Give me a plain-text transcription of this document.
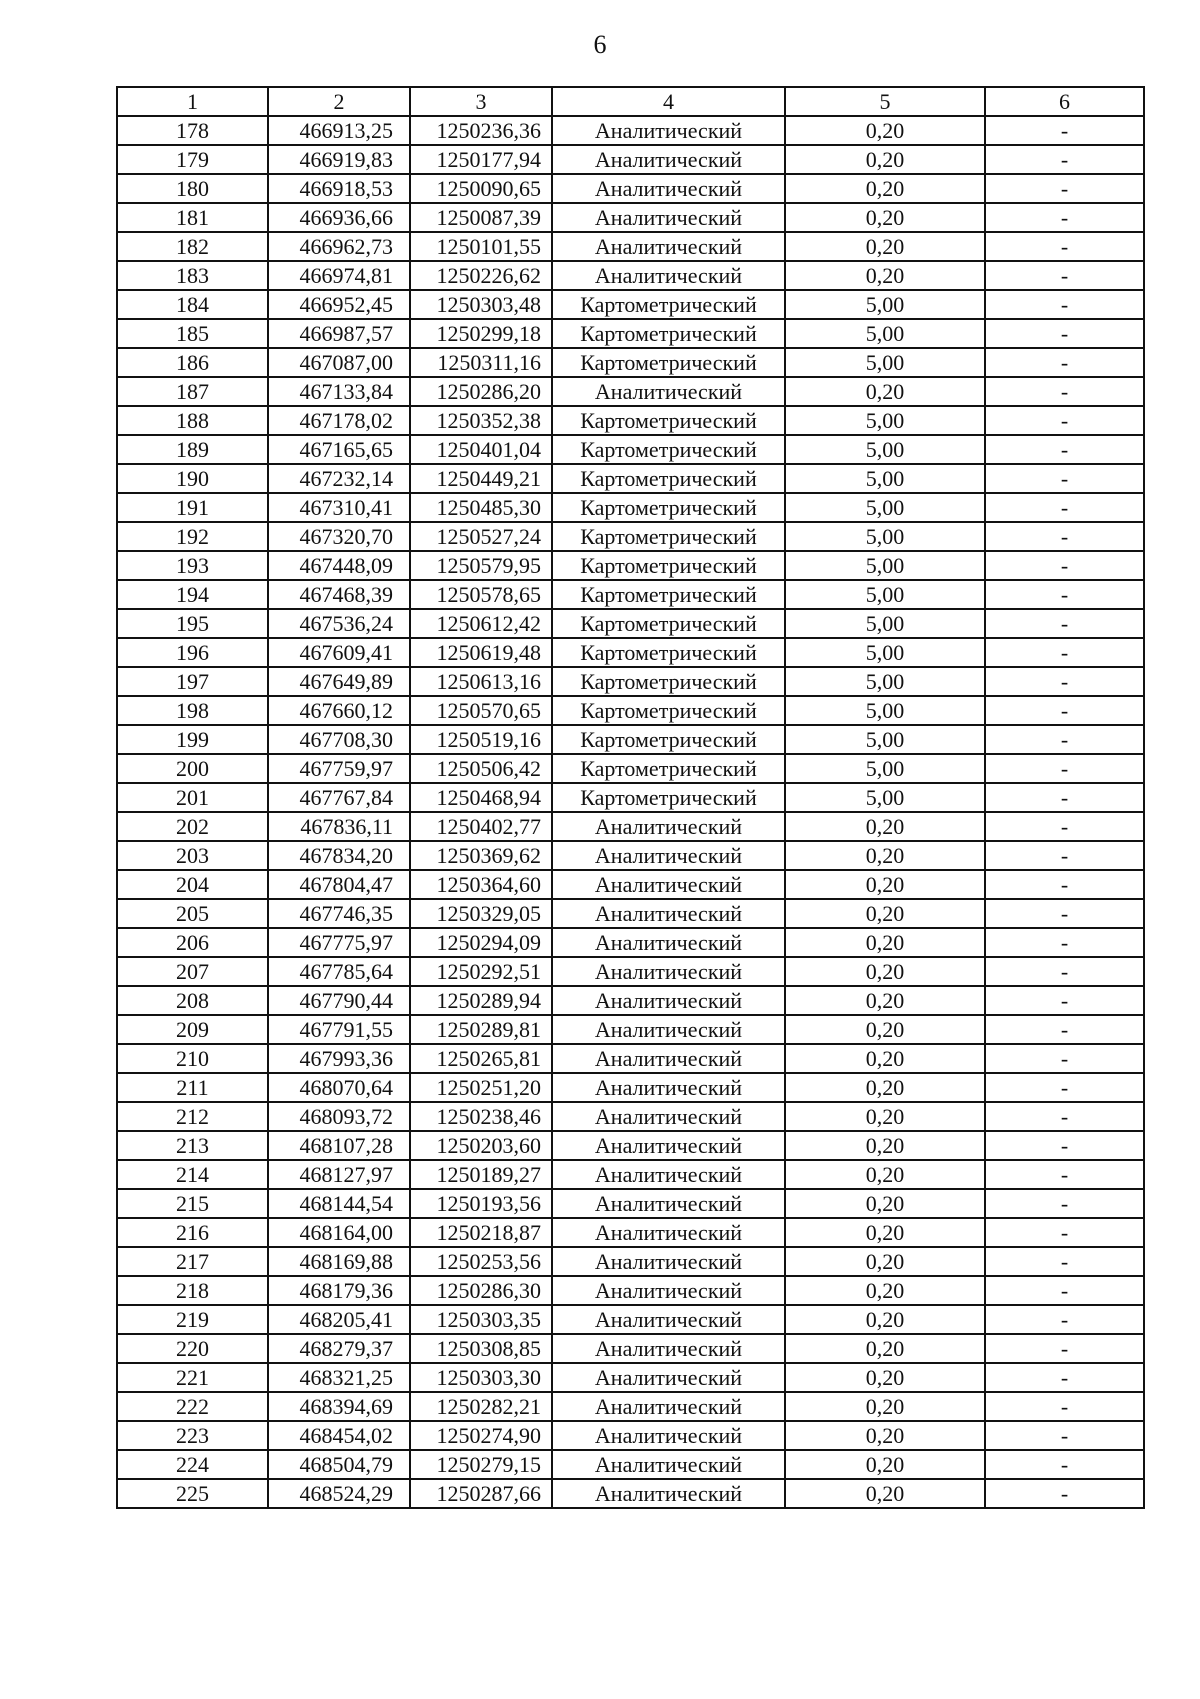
6
1	2	3	4	5	6
178	466913,25	1250236,36	Аналитический	0,20	-
179	466919,83	1250177,94	Аналитический	0,20	-
180	466918,53	1250090,65	Аналитический	0,20	-
181	466936,66	1250087,39	Аналитический	0,20	-
182	466962,73	1250101,55	Аналитический	0,20	-
183	466974,81	1250226,62	Аналитический	0,20	-
184	466952,45	1250303,48	Картометрический	5,00	-
185	466987,57	1250299,18	Картометрический	5,00	-
186	467087,00	1250311,16	Картометрический	5,00	-
187	467133,84	1250286,20	Аналитический	0,20	-
188	467178,02	1250352,38	Картометрический	5,00	-
189	467165,65	1250401,04	Картометрический	5,00	-
190	467232,14	1250449,21	Картометрический	5,00	-
191	467310,41	1250485,30	Картометрический	5,00	-
192	467320,70	1250527,24	Картометрический	5,00	-
193	467448,09	1250579,95	Картометрический	5,00	-
194	467468,39	1250578,65	Картометрический	5,00	-
195	467536,24	1250612,42	Картометрический	5,00	-
196	467609,41	1250619,48	Картометрический	5,00	-
197	467649,89	1250613,16	Картометрический	5,00	-
198	467660,12	1250570,65	Картометрический	5,00	-
199	467708,30	1250519,16	Картометрический	5,00	-
200	467759,97	1250506,42	Картометрический	5,00	-
201	467767,84	1250468,94	Картометрический	5,00	-
202	467836,11	1250402,77	Аналитический	0,20	-
203	467834,20	1250369,62	Аналитический	0,20	-
204	467804,47	1250364,60	Аналитический	0,20	-
205	467746,35	1250329,05	Аналитический	0,20	-
206	467775,97	1250294,09	Аналитический	0,20	-
207	467785,64	1250292,51	Аналитический	0,20	-
208	467790,44	1250289,94	Аналитический	0,20	-
209	467791,55	1250289,81	Аналитический	0,20	-
210	467993,36	1250265,81	Аналитический	0,20	-
211	468070,64	1250251,20	Аналитический	0,20	-
212	468093,72	1250238,46	Аналитический	0,20	-
213	468107,28	1250203,60	Аналитический	0,20	-
214	468127,97	1250189,27	Аналитический	0,20	-
215	468144,54	1250193,56	Аналитический	0,20	-
216	468164,00	1250218,87	Аналитический	0,20	-
217	468169,88	1250253,56	Аналитический	0,20	-
218	468179,36	1250286,30	Аналитический	0,20	-
219	468205,41	1250303,35	Аналитический	0,20	-
220	468279,37	1250308,85	Аналитический	0,20	-
221	468321,25	1250303,30	Аналитический	0,20	-
222	468394,69	1250282,21	Аналитический	0,20	-
223	468454,02	1250274,90	Аналитический	0,20	-
224	468504,79	1250279,15	Аналитический	0,20	-
225	468524,29	1250287,66	Аналитический	0,20	-
